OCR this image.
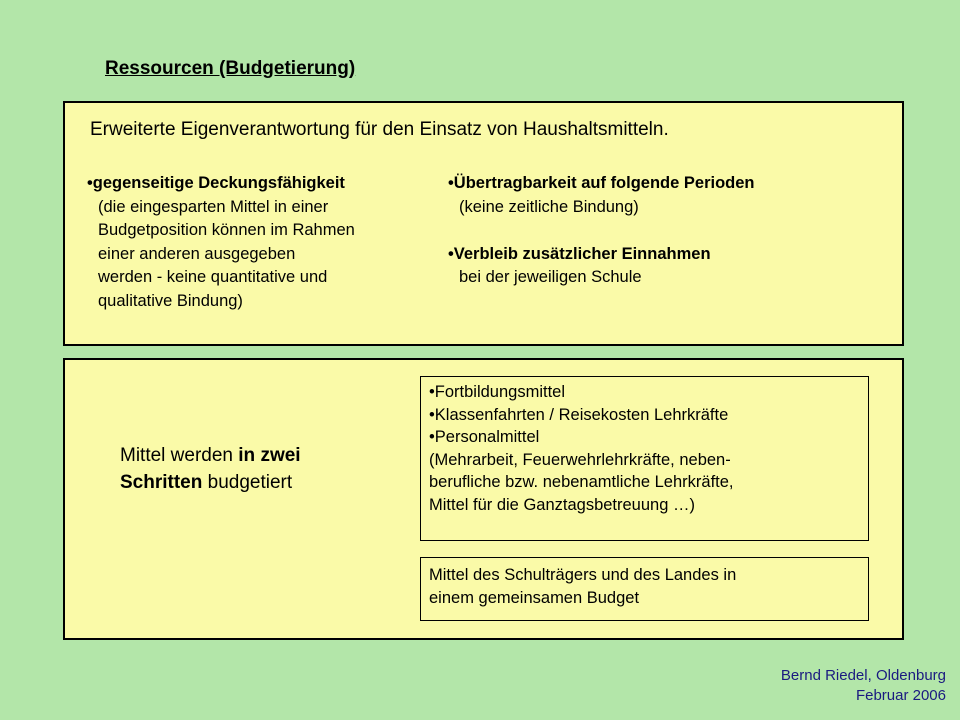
Ressourcen (Budgetierung)

Erweiterte Eigenverantwortung für den Einsatz von Haushaltsmitteln.

•gegenseitige Deckungsfähigkeit
(die eingesparten Mittel in einer
Budgetposition können im Rahmen
einer anderen ausgegeben
werden - keine quantitative und
qualitative Bindung)
•Übertragbarkeit auf folgende Perioden
(keine zeitliche Bindung)
•Verbleib zusätzlicher Einnahmen
bei der jeweiligen Schule
Mittel werden in zwei
Schritten budgetiert
•Fortbildungsmittel
•Klassenfahrten / Reisekosten Lehrkräfte
•Personalmittel
(Mehrarbeit, Feuerwehrlehrkräfte, neben-
berufliche bzw. nebenamtliche Lehrkräfte,
Mittel für die Ganztagsbetreuung …)
Mittel des Schulträgers und des Landes in
einem gemeinsamen Budget
Bernd Riedel, Oldenburg
Februar 2006
